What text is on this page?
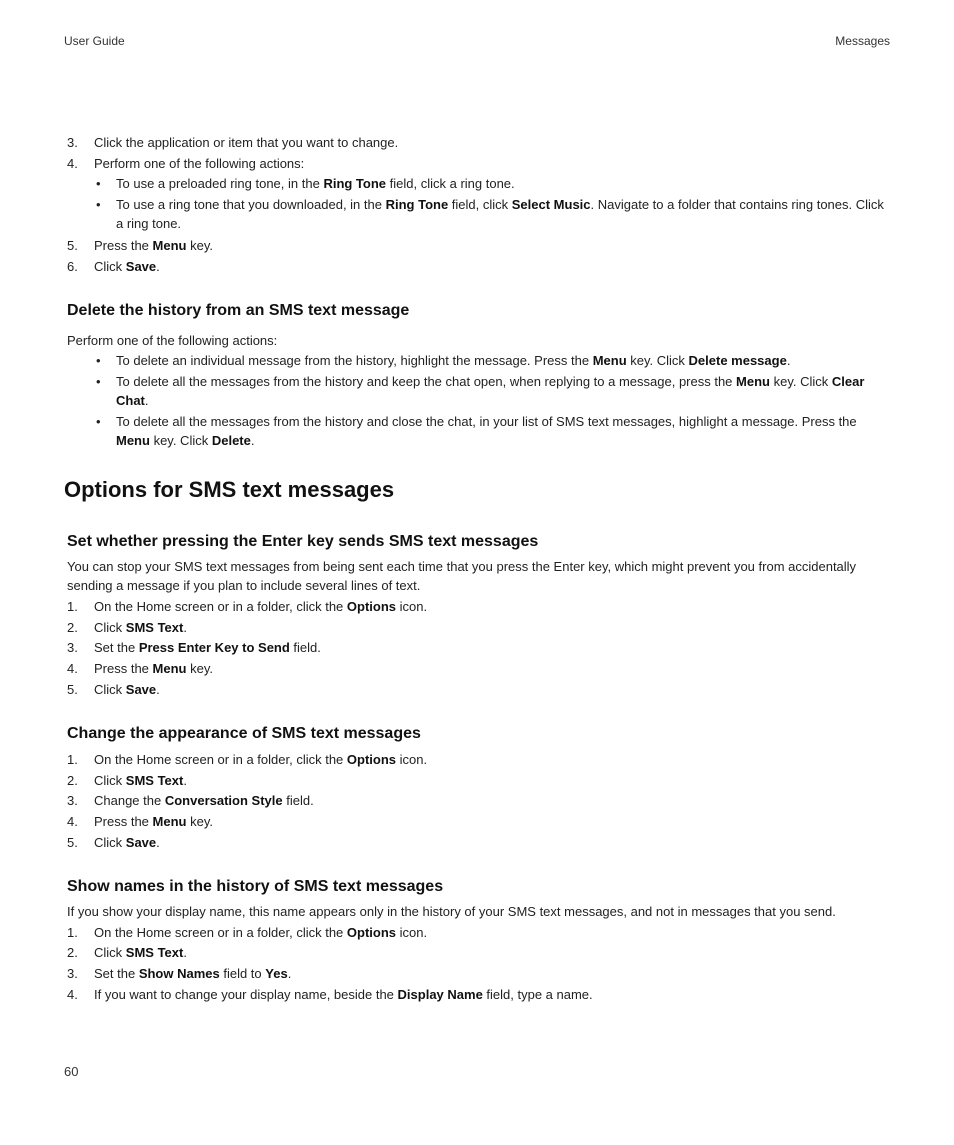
User Guide	Messages
3. Click the application or item that you want to change.
4. Perform one of the following actions:
• To use a preloaded ring tone, in the Ring Tone field, click a ring tone.
• To use a ring tone that you downloaded, in the Ring Tone field, click Select Music. Navigate to a folder that contains ring tones. Click a ring tone.
5. Press the Menu key.
6. Click Save.
Delete the history from an SMS text message
Perform one of the following actions:
• To delete an individual message from the history, highlight the message. Press the Menu key. Click Delete message.
• To delete all the messages from the history and keep the chat open, when replying to a message, press the Menu key. Click Clear Chat.
• To delete all the messages from the history and close the chat, in your list of SMS text messages, highlight a message. Press the Menu key. Click Delete.
Options for SMS text messages
Set whether pressing the Enter key sends SMS text messages
You can stop your SMS text messages from being sent each time that you press the Enter key, which might prevent you from accidentally sending a message if you plan to include several lines of text.
1. On the Home screen or in a folder, click the Options icon.
2. Click SMS Text.
3. Set the Press Enter Key to Send field.
4. Press the Menu key.
5. Click Save.
Change the appearance of SMS text messages
1. On the Home screen or in a folder, click the Options icon.
2. Click SMS Text.
3. Change the Conversation Style field.
4. Press the Menu key.
5. Click Save.
Show names in the history of SMS text messages
If you show your display name, this name appears only in the history of your SMS text messages, and not in messages that you send.
1. On the Home screen or in a folder, click the Options icon.
2. Click SMS Text.
3. Set the Show Names field to Yes.
4. If you want to change your display name, beside the Display Name field, type a name.
60
